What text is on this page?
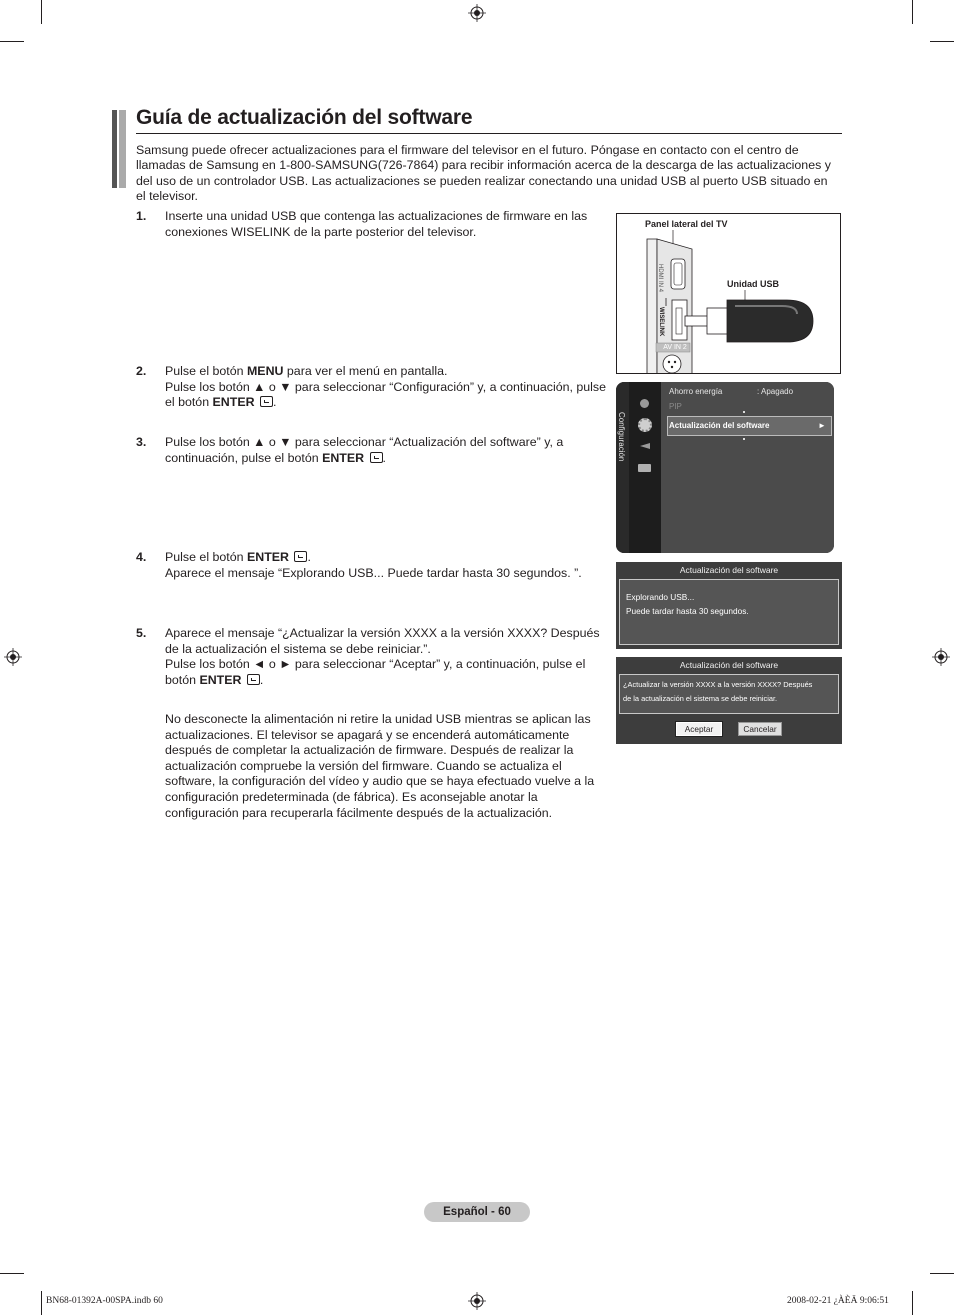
Guía de actualización del software
Samsung puede ofrecer actualizaciones para el firmware del televisor en el futuro. Póngase en contacto con el centro de llamadas de Samsung en 1-800-SAMSUNG(726-7864) para recibir información acerca de la descarga de las actualizaciones y del uso de un controlador USB. Las actualizaciones se pueden realizar conectando una unidad USB al puerto USB situado en el televisor.
1.	Inserte una unidad USB que contenga las actualizaciones de firmware en las conexiones WISELINK de la parte posterior del televisor.
2.	Pulse el botón MENU para ver el menú en pantalla.
Pulse los botón ▲ o ▼ para seleccionar “Configuración” y, a continuación, pulse el botón ENTER .
3.	Pulse los botón ▲ o ▼ para seleccionar “Actualización del software” y, a continuación, pulse el botón ENTER .
4.	Pulse el botón ENTER .
Aparece el mensaje “Explorando USB... Puede tardar hasta 30 segundos. ”.
5.	Aparece el mensaje “¿Actualizar la versión XXXX a la versión XXXX? Después de la actualización el sistema se debe reiniciar.”.
Pulse los botón ◄ o ► para seleccionar “Aceptar” y, a continuación, pulse el botón ENTER .
No desconecte la alimentación ni retire la unidad USB mientras se aplican las actualizaciones. El televisor se apagará y se encenderá automáticamente después de completar la actualización de firmware. Después de realizar la actualización compruebe la versión del firmware. Cuando se actualiza el software, la configuración del vídeo y audio que se haya efectuado vuelve a la configuración predeterminada (de fábrica). Es aconsejable anotar la configuración para recuperarla fácilmente después de la actualización.
Panel lateral del TV
Unidad USB
HDMI IN 4
WISELINK
AV IN 2
Configuración
Ahorro energía	: Apagado
PIP
Actualización del software	►
Actualización del software
Explorando USB...
Puede tardar hasta 30 segundos.
Actualización del software
¿Actualizar la versión XXXX a la versión XXXX? Después
de la actualización el sistema se debe reiniciar.
Aceptar	Cancelar
Español - 60
BN68-01392A-00SPA.indb 60	2008-02-21 ¿ÀÈÄ 9:06:51
